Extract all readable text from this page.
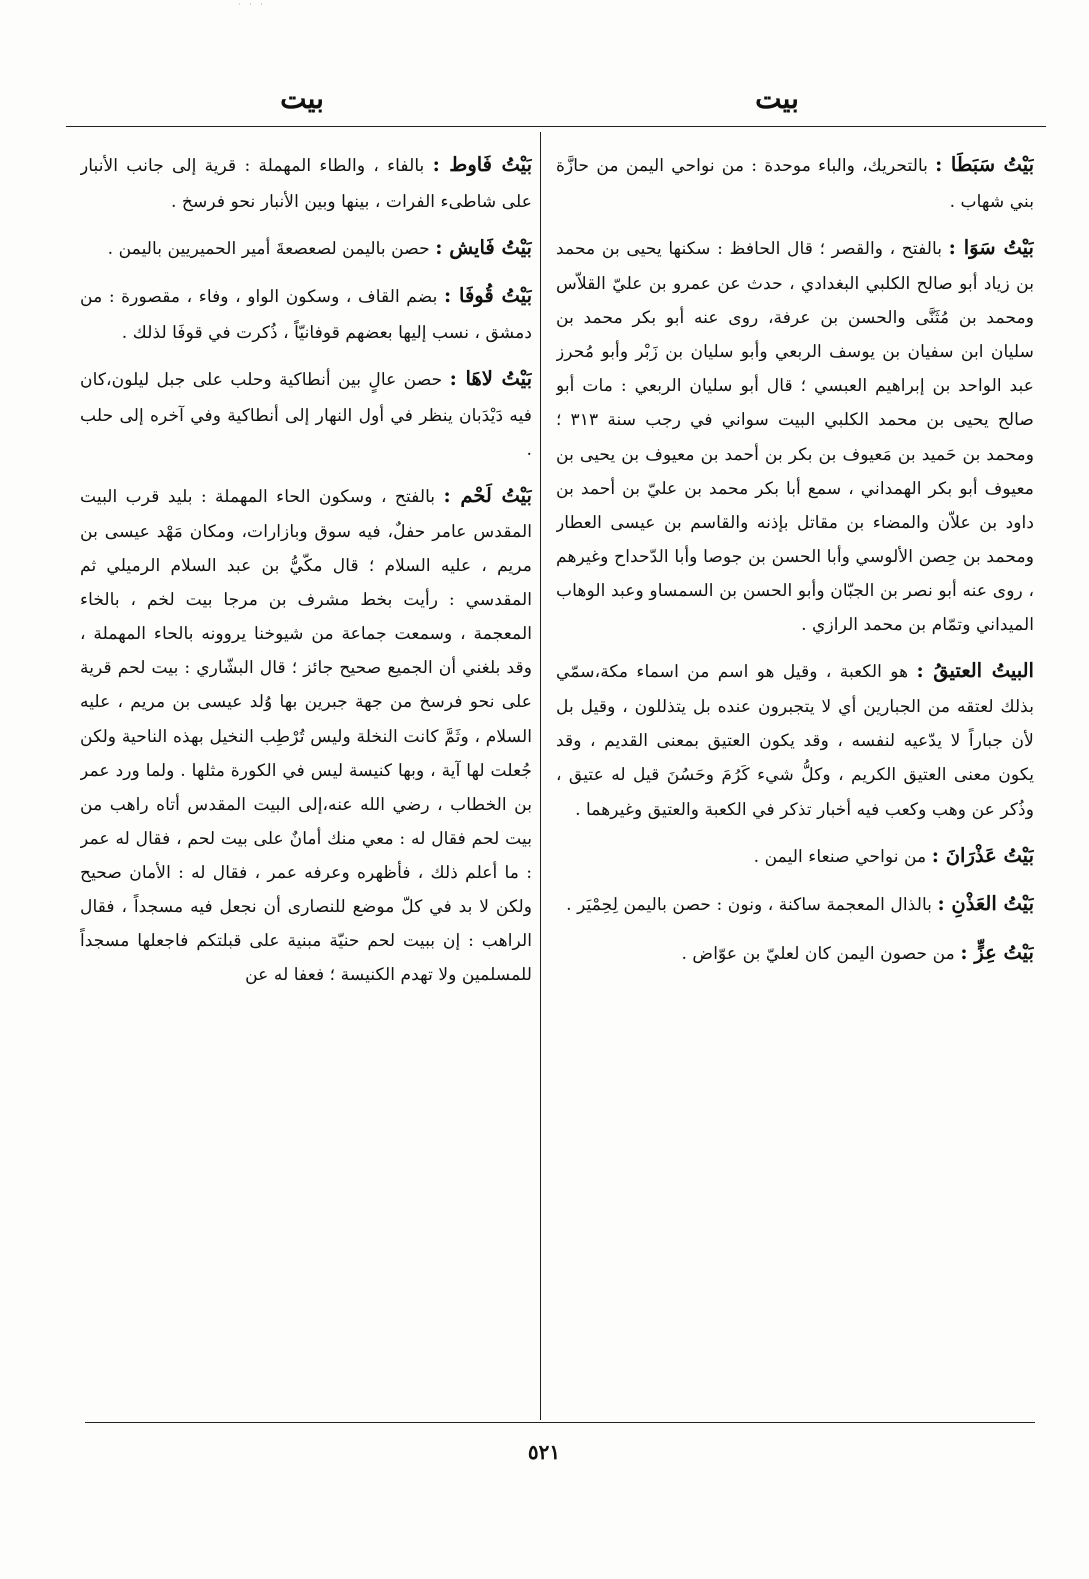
· · ·
بيت
بيت

بَيْتُ سَبَطَا : بالتحريك، والباء موحدة : من نواحي اليمن من حازَّة بني شهاب .

بَيْتُ سَوَا : بالفتح ، والقصر ؛ قال الحافظ : سكنها يحيى بن محمد بن زياد أبو صالح الكلبي البغدادي ، حدث عن عمرو بن عليّ القلاّس ومحمد بن مُثَنَّى والحسن بن عرفة، روى عنه أبو بكر محمد بن سليان ابن سفيان بن يوسف الربعي وأبو سليان بن زَبْر وأبو مُحرز عبد الواحد بن إبراهيم العبسي ؛ قال أبو سليان الربعي : مات أبو صالح يحيى بن محمد الكلبي البيت سواني في رجب سنة ٣١٣ ؛ ومحمد بن حَميد بن مَعيوف بن بكر بن أحمد بن معيوف بن يحيى بن معيوف أبو بكر الهمداني ، سمع أبا بكر محمد بن عليّ بن أحمد بن داود بن علاّن والمضاء بن مقاتل بإذنه والقاسم بن عيسى العطار ومحمد بن حِصن الألوسي وأبا الحسن بن جوصا وأبا الدّحداح وغيرهم ، روى عنه أبو نصر بن الجبّان وأبو الحسن بن السمساو وعبد الوهاب الميداني وتمّام بن محمد الرازي .

البيتُ العتيقُ : هو الكعبة ، وقيل هو اسم من اسماء مكة،سمّي بذلك لعتقه من الجبارين أي لا يتجبرون عنده بل يتذللون ، وقيل بل لأن جباراً لا يدّعيه لنفسه ، وقد يكون العتيق بمعنى القديم ، وقد يكون معنى العتيق الكريم ، وكلُّ شيء كَرُمَ وحَسُنَ قيل له عتيق ، وذُكر عن وهب وكعب فيه أخبار تذكر في الكعبة والعتيق وغيرهما .

بَيْتُ عَذْرَانَ : من نواحي صنعاء اليمن .

بَيْتُ العَذْنِ : بالذال المعجمة ساكنة ، ونون : حصن باليمن لِحِمْيَر .

بَيْتُ عِزٍّ : من حصون اليمن كان لعليّ بن عوّاض .

بَيْتُ فَاوط : بالفاء ، والطاء المهملة : قرية إلى جانب الأنبار على شاطىء الفرات ، بينها وبين الأنبار نحو فرسخ .

بَيْتُ فَايش : حصن باليمن لصعصعةَ أمير الحميريين باليمن .

بَيْتُ قُوفَا : بضم القاف ، وسكون الواو ، وفاء ، مقصورة : من دمشق ، نسب إليها بعضهم قوفانيّاً ، ذُكرت في قوفَا لذلك .

بَيْتُ لاهَا : حصن عالٍ بين أنطاكية وحلب على جبل ليلون،كان فيه دَيْدَبان ينظر في أول النهار إلى أنطاكية وفي آخره إلى حلب .

بَيْتُ لَحْم : بالفتح ، وسكون الحاء المهملة : بليد قرب البيت المقدس عامر حفلٌ، فيه سوق وبازارات، ومكان مَهْد عيسى بن مريم ، عليه السلام ؛ قال مكّيُّ بن عبد السلام الرميلي ثم المقدسي : رأيت بخط مشرف بن مرجا بيت لخم ، بالخاء المعجمة ، وسمعت جماعة من شيوخنا يروونه بالحاء المهملة ، وقد بلغني أن الجميع صحيح جائز ؛ قال البشّاري : بيت لحم قرية على نحو فرسخ من جهة جبرين بها وُلد عيسى بن مريم ، عليه السلام ، وثَمَّ كانت النخلة وليس تُرْطِب النخيل بهذه الناحية ولكن جُعلت لها آية ، وبها كنيسة ليس في الكورة مثلها . ولما ورد عمر بن الخطاب ، رضي الله عنه،إلى البيت المقدس أتاه راهب من بيت لحم فقال له : معي منك أمانٌ على بيت لحم ، فقال له عمر : ما أعلم ذلك ، فأظهره وعرفه عمر ، فقال له : الأمان صحيح ولكن لا بد في كلّ موضع للنصارى أن نجعل فيه مسجداً ، فقال الراهب : إن ببيت لحم حنيّة مبنية على قبلتكم فاجعلها مسجداً للمسلمين ولا تهدم الكنيسة ؛ فعفا له عن

٥٢١
